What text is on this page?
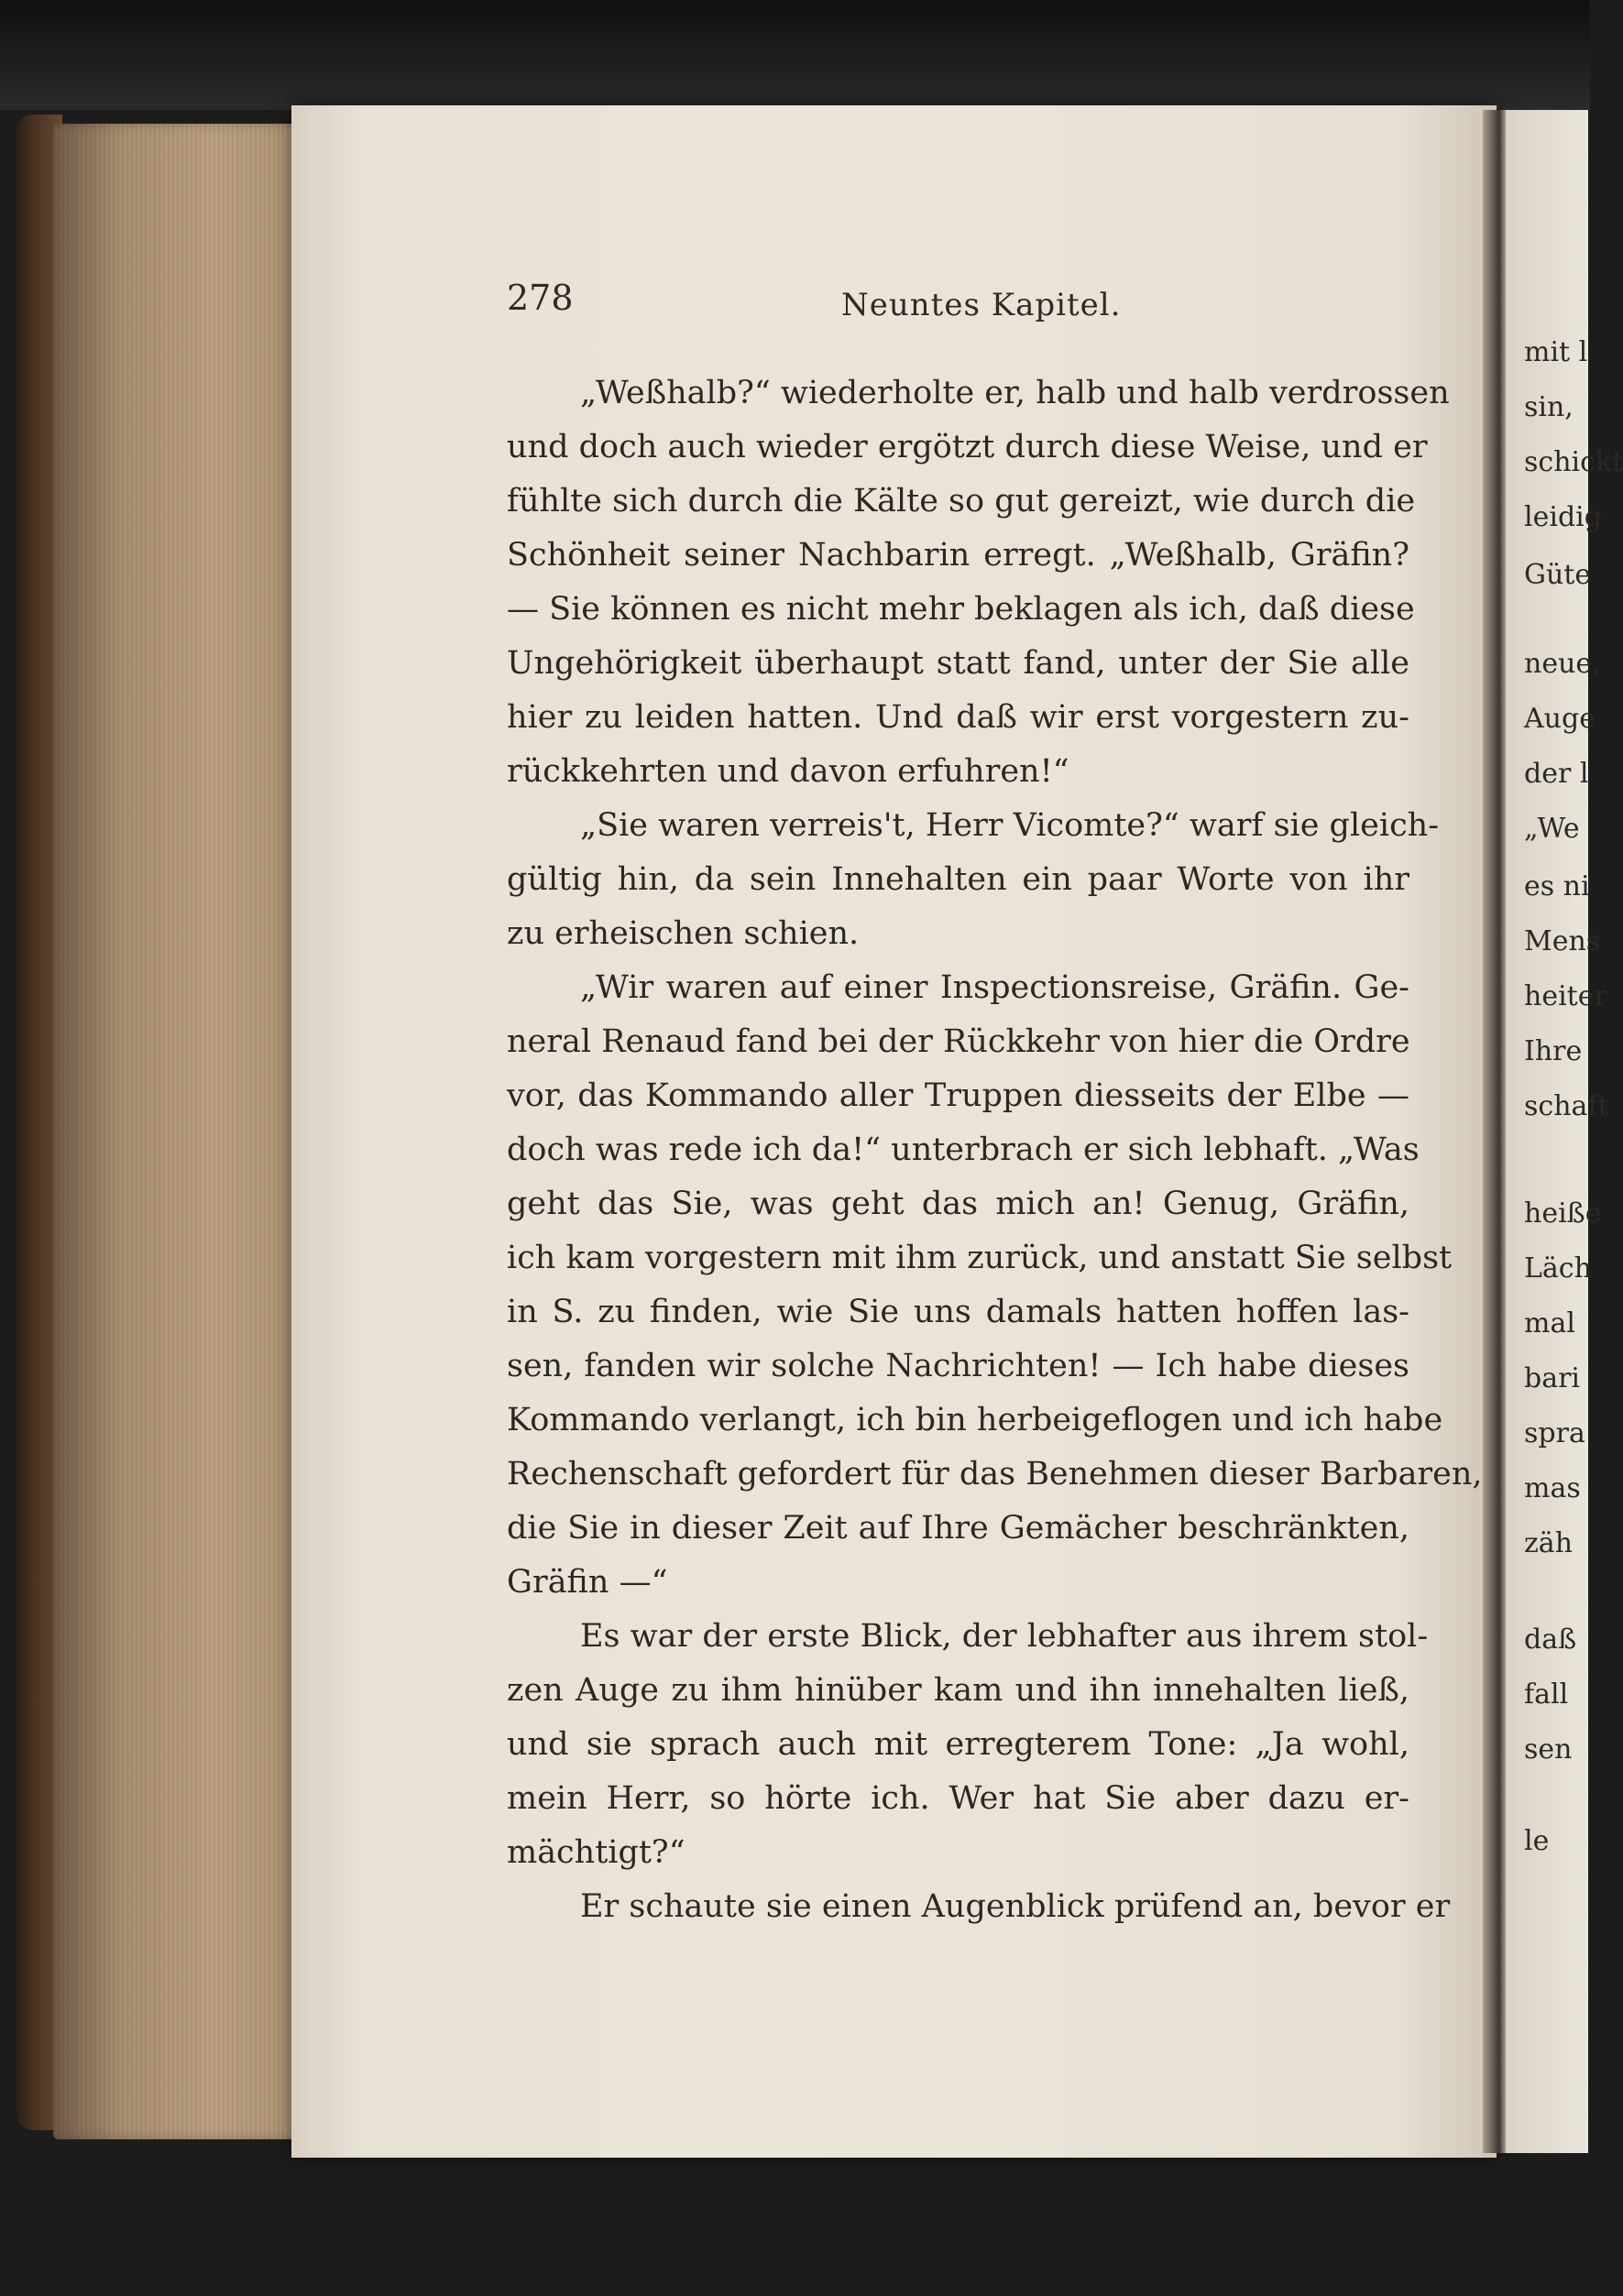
mit l
sin,
schickt
leidig
Güte
neue,
Auge
der l
„We
es ni
Mens
heiter
Ihre
schaft
heiße
Läch
mal
bari
spra
mas
zäh
daß
fall
sen
le
278	Neuntes Kapitel.
„Weßhalb?“ wiederholte er, halb und halb verdrossen
und doch auch wieder ergötzt durch diese Weise, und er
fühlte sich durch die Kälte so gut gereizt, wie durch die
Schönheit seiner Nachbarin erregt. „Weßhalb, Gräfin?
— Sie können es nicht mehr beklagen als ich, daß diese
Ungehörigkeit überhaupt statt fand, unter der Sie alle
hier zu leiden hatten. Und daß wir erst vorgestern zu-
rückkehrten und davon erfuhren!“
„Sie waren verreis't, Herr Vicomte?“ warf sie gleich-
gültig hin, da sein Innehalten ein paar Worte von ihr
zu erheischen schien.
„Wir waren auf einer Inspectionsreise, Gräfin. Ge-
neral Renaud fand bei der Rückkehr von hier die Ordre
vor, das Kommando aller Truppen diesseits der Elbe —
doch was rede ich da!“ unterbrach er sich lebhaft. „Was
geht das Sie, was geht das mich an! Genug, Gräfin,
ich kam vorgestern mit ihm zurück, und anstatt Sie selbst
in S. zu finden, wie Sie uns damals hatten hoffen las-
sen, fanden wir solche Nachrichten! — Ich habe dieses
Kommando verlangt, ich bin herbeigeflogen und ich habe
Rechenschaft gefordert für das Benehmen dieser Barbaren,
die Sie in dieser Zeit auf Ihre Gemächer beschränkten,
Gräfin —“
Es war der erste Blick, der lebhafter aus ihrem stol-
zen Auge zu ihm hinüber kam und ihn innehalten ließ,
und sie sprach auch mit erregterem Tone: „Ja wohl,
mein Herr, so hörte ich. Wer hat Sie aber dazu er-
mächtigt?“
Er schaute sie einen Augenblick prüfend an, bevor er
